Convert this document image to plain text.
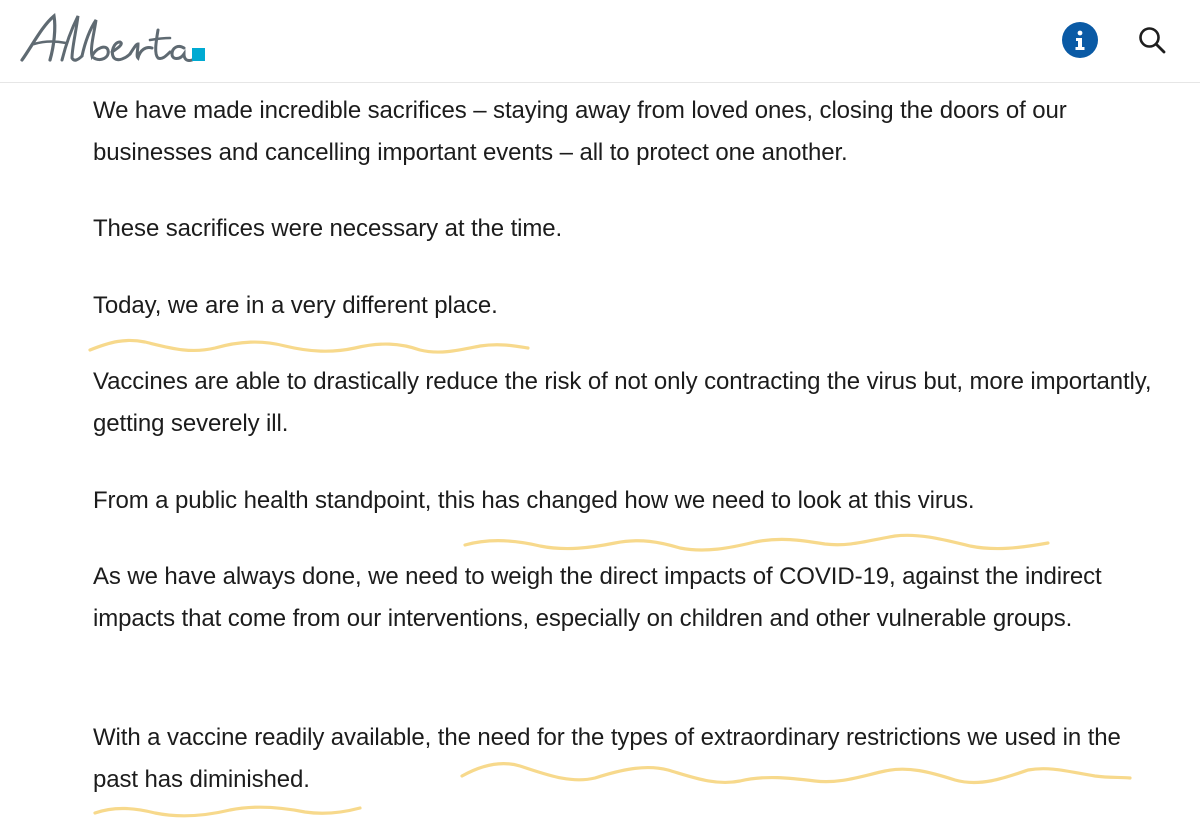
We have made incredible sacrifices – staying away from loved ones, closing the doors of our businesses and cancelling important events – all to protect one another.

These sacrifices were necessary at the time.

Today, we are in a very different place.

Vaccines are able to drastically reduce the risk of not only contracting the virus but, more importantly, getting severely ill.

From a public health standpoint, this has changed how we need to look at this virus.

As we have always done, we need to weigh the direct impacts of COVID-19, against the indirect impacts that come from our interventions, especially on children and other vulnerable groups.

With a vaccine readily available, the need for the types of extraordinary restrictions we used in the past has diminished.
